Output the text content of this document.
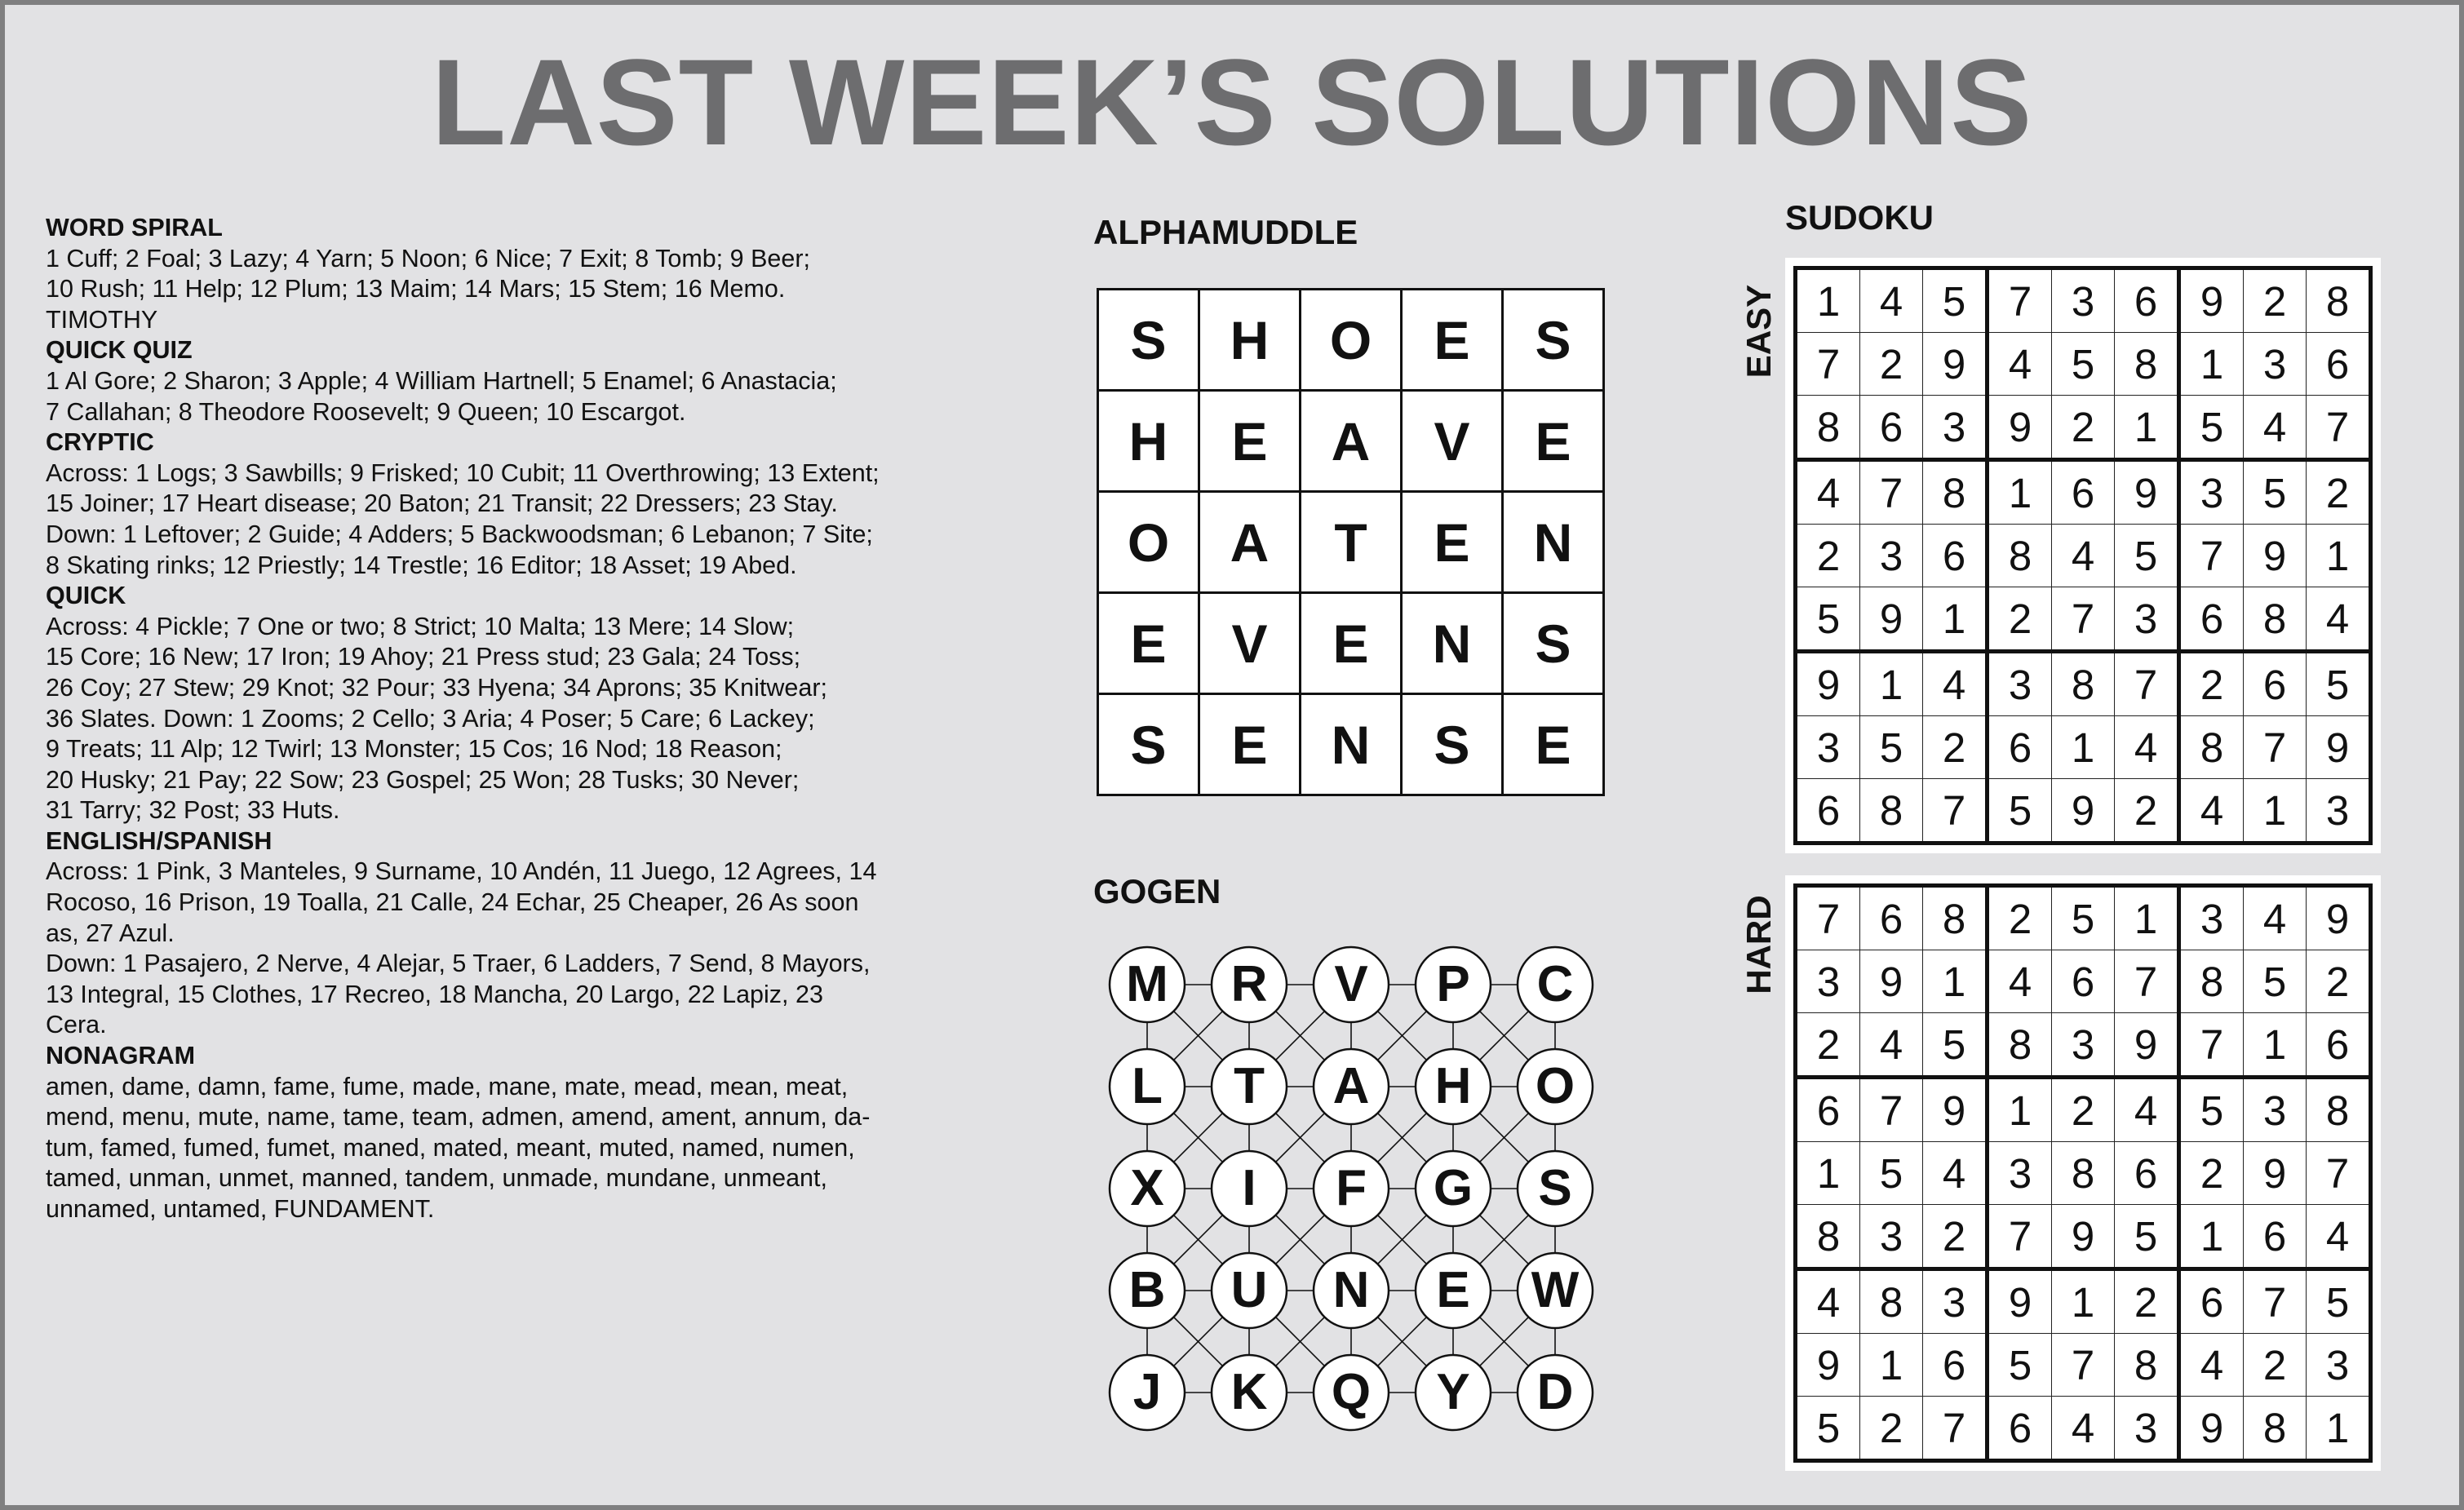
LAST WEEK’S SOLUTIONS
WORD SPIRAL
1 Cuff; 2 Foal; 3 Lazy; 4 Yarn; 5 Noon; 6 Nice; 7 Exit; 8 Tomb; 9 Beer;
10 Rush; 11 Help; 12 Plum; 13 Maim; 14 Mars; 15 Stem; 16 Memo.
TIMOTHY
QUICK QUIZ
1 Al Gore; 2 Sharon; 3 Apple; 4 William Hartnell; 5 Enamel; 6 Anastacia;
7 Callahan; 8 Theodore Roosevelt; 9 Queen; 10 Escargot.
CRYPTIC
Across: 1 Logs; 3 Sawbills; 9 Frisked; 10 Cubit; 11 Overthrowing; 13 Extent;
15 Joiner; 17 Heart disease; 20 Baton; 21 Transit; 22 Dressers; 23 Stay.
Down: 1 Leftover; 2 Guide; 4 Adders; 5 Backwoodsman; 6 Lebanon; 7 Site;
8 Skating rinks; 12 Priestly; 14 Trestle; 16 Editor; 18 Asset; 19 Abed.
QUICK
Across: 4 Pickle; 7 One or two; 8 Strict; 10 Malta; 13 Mere; 14 Slow;
15 Core; 16 New; 17 Iron; 19 Ahoy; 21 Press stud; 23 Gala; 24 Toss;
26 Coy; 27 Stew; 29 Knot; 32 Pour; 33 Hyena; 34 Aprons; 35 Knitwear;
36 Slates. Down: 1 Zooms; 2 Cello; 3 Aria; 4 Poser; 5 Care; 6 Lackey;
9 Treats; 11 Alp; 12 Twirl; 13 Monster; 15 Cos; 16 Nod; 18 Reason;
20 Husky; 21 Pay; 22 Sow; 23 Gospel; 25 Won; 28 Tusks; 30 Never;
31 Tarry; 32 Post; 33 Huts.
ENGLISH/SPANISH
Across: 1 Pink, 3 Manteles, 9 Surname, 10 Andén, 11 Juego, 12 Agrees, 14
Rocoso, 16 Prison, 19 Toalla, 21 Calle, 24 Echar, 25 Cheaper, 26 As soon
as, 27 Azul.
Down: 1 Pasajero, 2 Nerve, 4 Alejar, 5 Traer, 6 Ladders, 7 Send, 8 Mayors,
13 Integral, 15 Clothes, 17 Recreo, 18 Mancha, 20 Largo, 22 Lapiz, 23
Cera.
NONAGRAM
amen, dame, damn, fame, fume, made, mane, mate, mead, mean, meat,
mend, menu, mute, name, tame, team, admen, amend, ament, annum, da-
tum, famed, fumed, fumet, maned, mated, meant, muted, named, numen,
tamed, unman, unmet, manned, tandem, unmade, mundane, unmeant,
unnamed, untamed, FUNDAMENT.
ALPHAMUDDLE
S	H	O	E	S
H	E	A	V	E
O	A	T	E	N
E	V	E	N	S
S	E	N	S	E
GOGEN
M	R	V	P	C
L	T	A	H	O
X	I	F	G	S
B	U	N	E	W
J	K	Q	Y	D
SUDOKU
EASY 1	4	5	7	3	6	9	2	8
7	2	9	4	5	8	1	3	6
8	6	3	9	2	1	5	4	7
4	7	8	1	6	9	3	5	2
2	3	6	8	4	5	7	9	1
5	9	1	2	7	3	6	8	4
9	1	4	3	8	7	2	6	5
3	5	2	6	1	4	8	7	9
6	8	7	5	9	2	4	1	3
HARD 7	6	8	2	5	1	3	4	9
3	9	1	4	6	7	8	5	2
2	4	5	8	3	9	7	1	6
6	7	9	1	2	4	5	3	8
1	5	4	3	8	6	2	9	7
8	3	2	7	9	5	1	6	4
4	8	3	9	1	2	6	7	5
9	1	6	5	7	8	4	2	3
5	2	7	6	4	3	9	8	1
